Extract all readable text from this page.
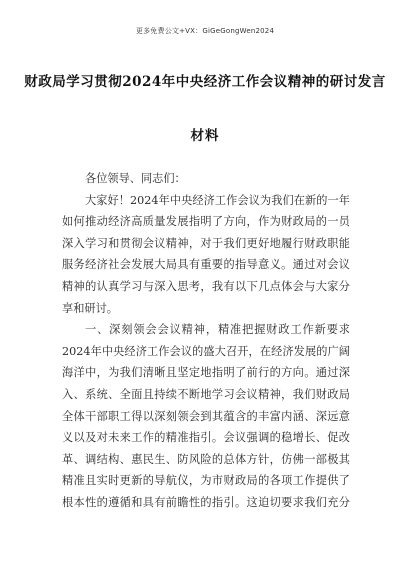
更多免费公文+VX：GiGeGongWen2024
财政局学习贯彻2024年中央经济工作会议精神的研讨发言
材料
各位领导、同志们：
大家好！2024年中央经济工作会议为我们在新的一年
如何推动经济高质量发展指明了方向，作为财政局的一员
深入学习和贯彻会议精神，对于我们更好地履行财政职能
服务经济社会发展大局具有重要的指导意义。通过对会议
精神的认真学习与深入思考，我有以下几点体会与大家分
享和研讨。
一、深刻领会会议精神，精准把握财政工作新要求
2024年中央经济工作会议的盛大召开，在经济发展的广阔
海洋中，为我们清晰且坚定地指明了前行的方向。通过深
入、系统、全面且持续不断地学习会议精神，我们财政局
全体干部职工得以深刻领会到其蕴含的丰富内涵、深远意
义以及对未来工作的精准指引。会议强调的稳增长、促改
革、调结构、惠民生、防风险的总体方针，仿佛一部极其
精准且实时更新的导航仪，为市财政局的各项工作提供了
根本性的遵循和具有前瞻性的指引。这迫切要求我们充分
